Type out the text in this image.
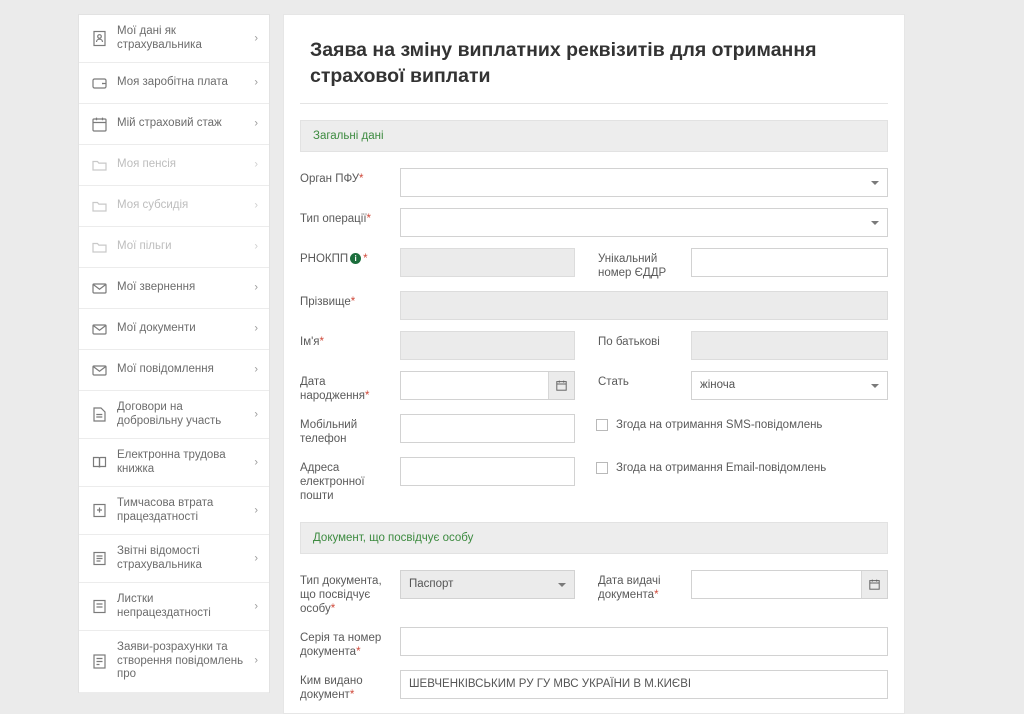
Мої дані як страхувальника
›
Моя заробітна плата	›
Мій страховий стаж	›
Моя пенсія	›
Моя субсидія	›
Мої пільги	›
Мої звернення	›
Мої документи	›
Мої повідомлення	›
Договори на добровільну участь
›
Електронна трудова книжка
›
Тимчасова втрата працездатності
›
Звітні відомості страхувальника
›
Листки непрацездатності
›
Заяви-розрахунки та створення повідомлень про
›
Заява на зміну виплатних реквізитів для отримання страхової виплати
Загальні дані
Орган ПФУ*
Тип операції*
РНОКПП i *	Унікальний
номер ЄДДР
Прізвище*
Ім'я*	По батькові
Дата
народження*
Стать	жіноча
Мобільний
телефон
Згода на отримання SMS-повідомлень
Адреса
електронної
пошти
Згода на отримання Email-повідомлень
Документ, що посвідчує особу
Тип документа,
що посвідчує
особу*
Паспорт	Дата видачі
документа*
Серія та номер
документа*
Ким видано
документ*
ШЕВЧЕНКІВСЬКИМ РУ ГУ МВС УКРАЇНИ В М.КИЄВІ
